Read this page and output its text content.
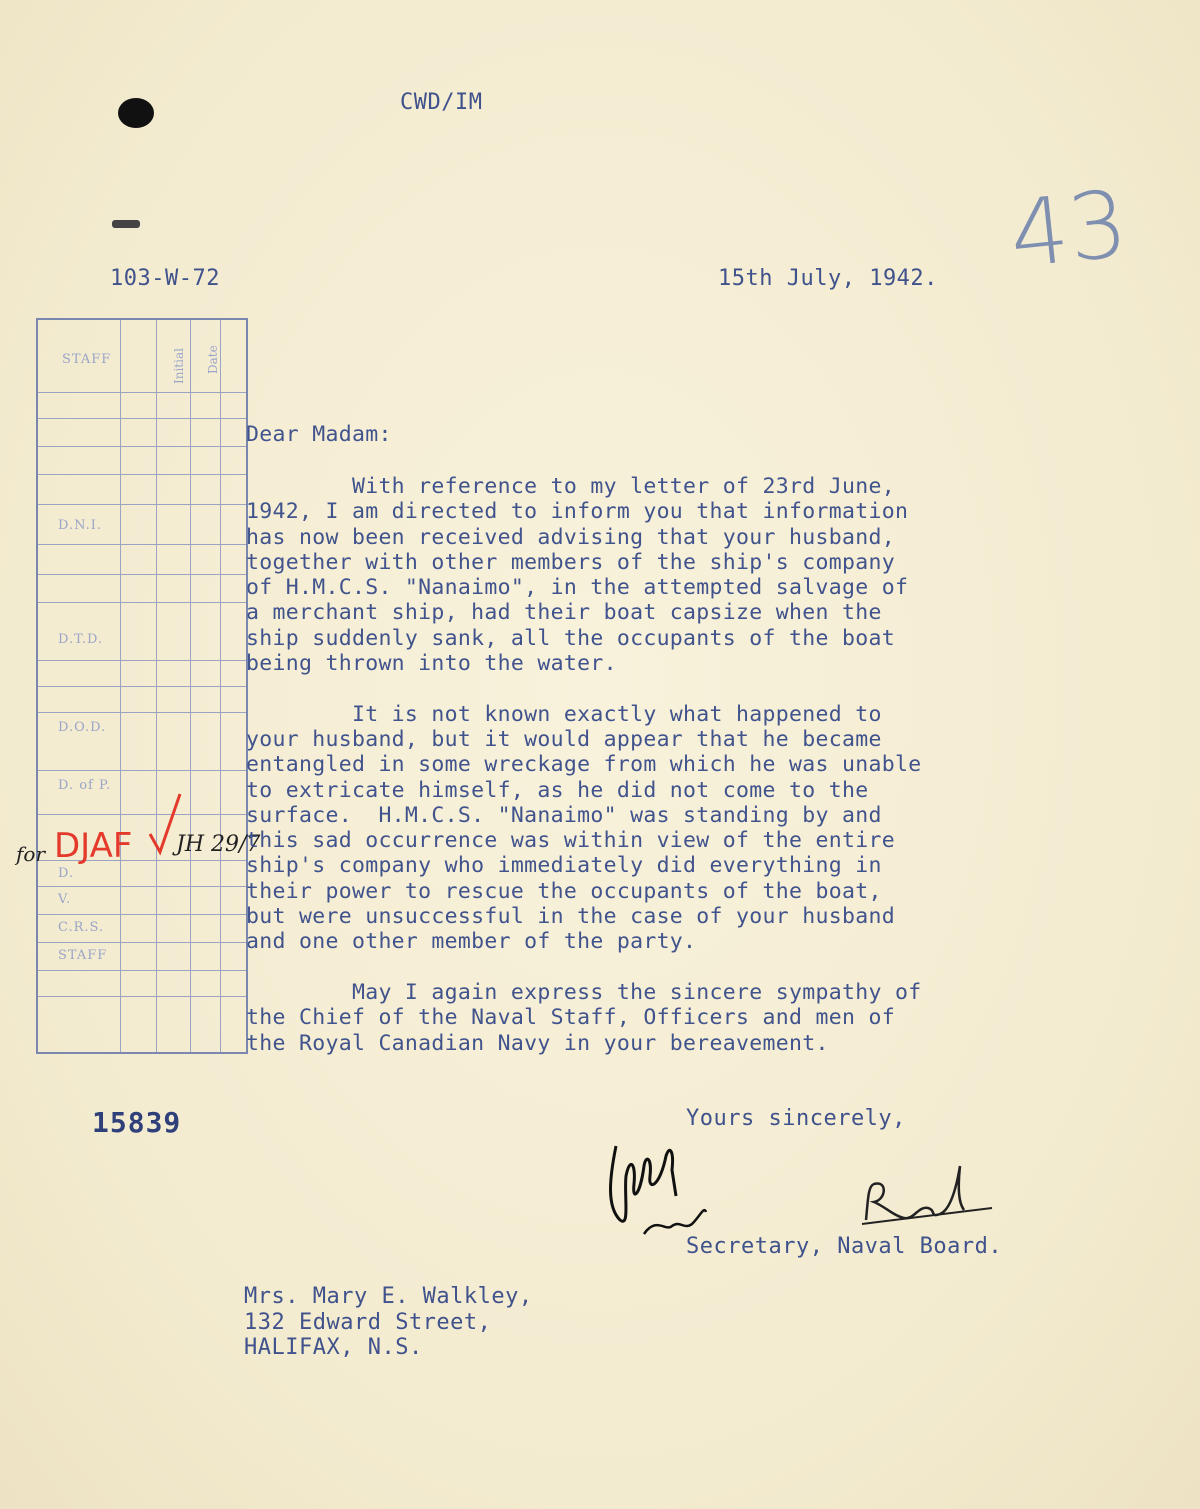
CWD/IM
103-W-72	15th July, 1942. 43
Initial Date
STAFF
D.N.I.
D.T.D.
D.O.D.
D. of P.
D.
V.
C.R.S.
STAFF
for DJAF JH 29/7
Dear Madam:
With reference to my letter of 23rd June,
1942, I am directed to inform you that information
has now been received advising that your husband,
together with other members of the ship's company
of H.M.C.S. "Nanaimo", in the attempted salvage of
a merchant ship, had their boat capsize when the
ship suddenly sank, all the occupants of the boat
being thrown into the water.
It is not known exactly what happened to
your husband, but it would appear that he became
entangled in some wreckage from which he was unable
to extricate himself, as he did not come to the
surface.  H.M.C.S. "Nanaimo" was standing by and
this sad occurrence was within view of the entire
ship's company who immediately did everything in
their power to rescue the occupants of the boat,
but were unsuccessful in the case of your husband
and one other member of the party.
May I again express the sincere sympathy of
the Chief of the Naval Staff, Officers and men of
the Royal Canadian Navy in your bereavement.
15839	Yours sincerely,
Secretary, Naval Board.
Mrs. Mary E. Walkley,
132 Edward Street,
HALIFAX, N.S.
